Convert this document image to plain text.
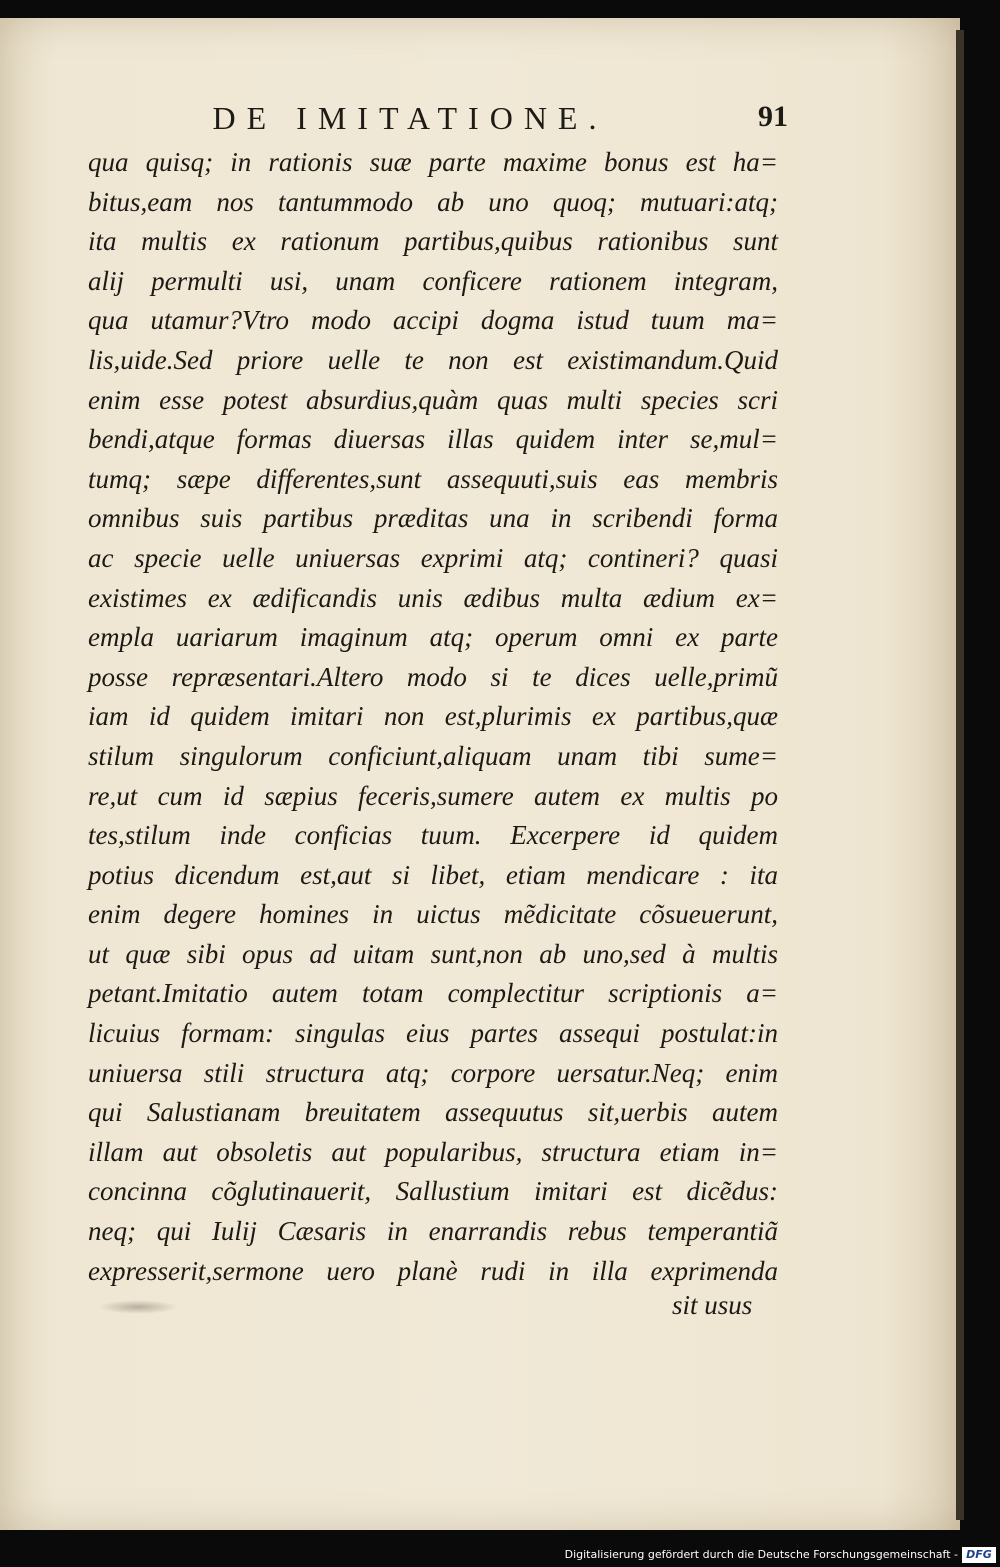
DE IMITATIONE.	91
qua quisq; in rationis suæ parte maxime bonus est ha=
bitus,eam nos tantummodo ab uno quoq; mutuari:atq;
ita multis ex rationum partibus,quibus rationibus sunt
alij permulti usi, unam conficere rationem integram,
qua utamur?Vtro modo accipi dogma istud tuum ma=
lis,uide.Sed priore uelle te non est existimandum.Quid
enim esse potest absurdius,quàm quas multi species scri
bendi,atque formas diuersas illas quidem inter se,mul=
tumq; sæpe differentes,sunt assequuti,suis eas membris
omnibus suis partibus præditas una in scribendi forma
ac specie uelle uniuersas exprimi atq; contineri? quasi
existimes ex ædificandis unis ædibus multa ædium ex=
empla uariarum imaginum atq; operum omni ex parte
posse repræsentari.Altero modo si te dices uelle,primũ
iam id quidem imitari non est,plurimis ex partibus,quæ
stilum singulorum conficiunt,aliquam unam tibi sume=
re,ut cum id sæpius feceris,sumere autem ex multis po
tes,stilum inde conficias tuum. Excerpere id quidem
potius dicendum est,aut si libet, etiam mendicare : ita
enim degere homines in uictus mẽdicitate cõsueuerunt,
ut quæ sibi opus ad uitam sunt,non ab uno,sed à multis
petant.Imitatio autem totam complectitur scriptionis a=
licuius formam: singulas eius partes assequi postulat:in
uniuersa stili structura atq; corpore uersatur.Neq; enim
qui Salustianam breuitatem assequutus sit,uerbis autem
illam aut obsoletis aut popularibus, structura etiam in=
concinna cõglutinauerit, Sallustium imitari est dicẽdus:
neq; qui Iulij Cæsaris in enarrandis rebus temperantiã
expresserit,sermone uero planè rudi in illa exprimenda
sit usus
Digitalisierung gefördert durch die Deutsche Forschungsgemeinschaft - DFG
